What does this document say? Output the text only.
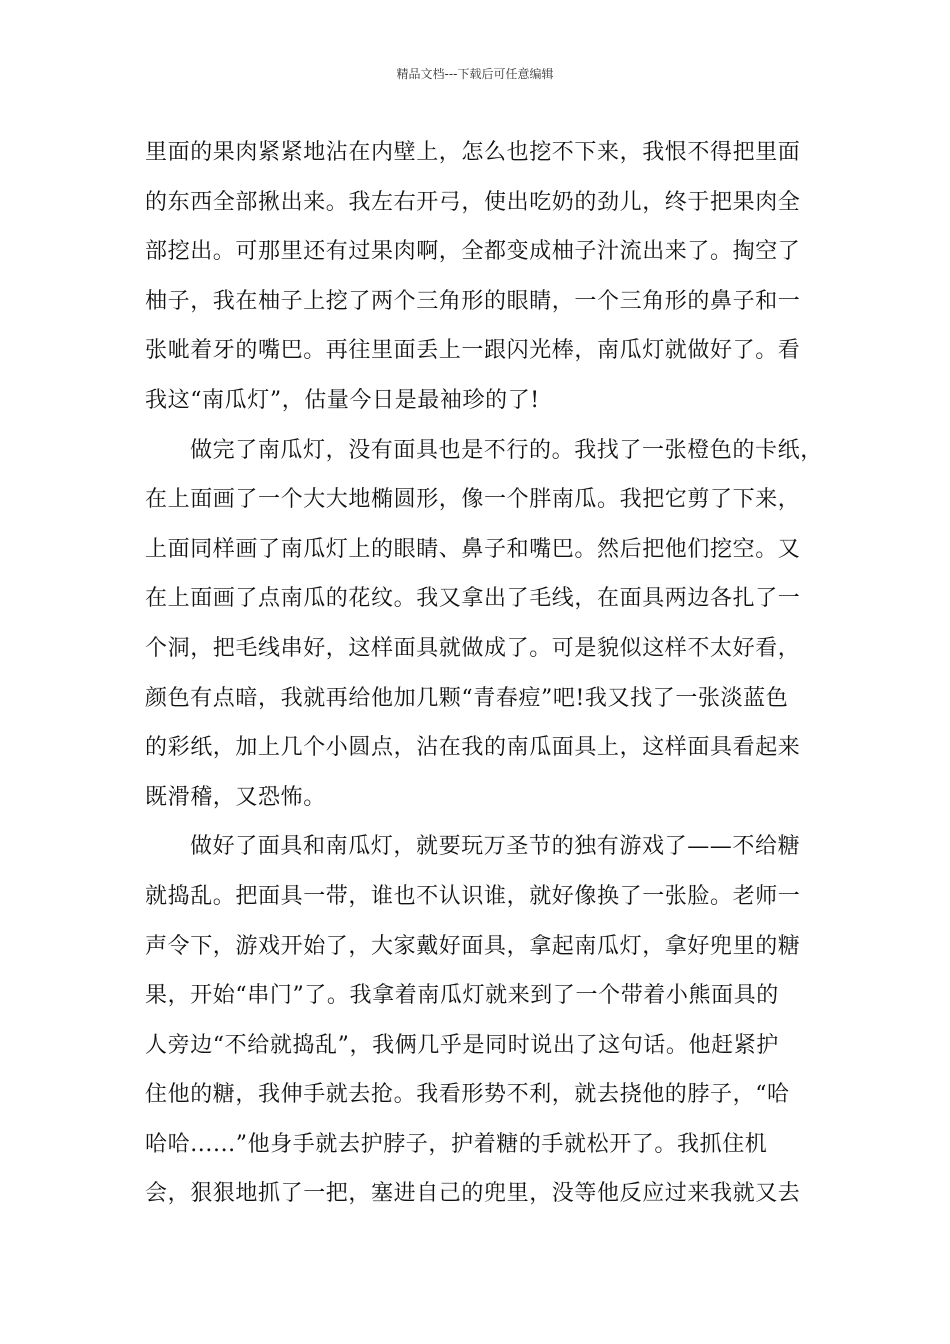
精品文档---下载后可任意编辑
里面的果肉紧紧地沾在内壁上，怎么也挖不下来，我恨不得把里面
的东西全部揪出来。我左右开弓，使出吃奶的劲儿，终于把果肉全
部挖出。可那里还有过果肉啊，全都变成柚子汁流出来了。掏空了
柚子，我在柚子上挖了两个三角形的眼睛，一个三角形的鼻子和一
张呲着牙的嘴巴。再往里面丢上一跟闪光棒，南瓜灯就做好了。看
我这“南瓜灯”，估量今日是最袖珍的了!
做完了南瓜灯，没有面具也是不行的。我找了一张橙色的卡纸，
在上面画了一个大大地椭圆形，像一个胖南瓜。我把它剪了下来，
上面同样画了南瓜灯上的眼睛、鼻子和嘴巴。然后把他们挖空。又
在上面画了点南瓜的花纹。我又拿出了毛线，在面具两边各扎了一
个洞，把毛线串好，这样面具就做成了。可是貌似这样不太好看，
颜色有点暗，我就再给他加几颗“青春痘”吧!我又找了一张淡蓝色
的彩纸，加上几个小圆点，沾在我的南瓜面具上，这样面具看起来
既滑稽，又恐怖。
做好了面具和南瓜灯，就要玩万圣节的独有游戏了——不给糖
就捣乱。把面具一带，谁也不认识谁，就好像换了一张脸。老师一
声令下，游戏开始了，大家戴好面具，拿起南瓜灯，拿好兜里的糖
果，开始“串门”了。我拿着南瓜灯就来到了一个带着小熊面具的
人旁边“不给就捣乱”，我俩几乎是同时说出了这句话。他赶紧护
住他的糖，我伸手就去抢。我看形势不利，就去挠他的脖子，“哈
哈哈......”他身手就去护脖子，护着糖的手就松开了。我抓住机
会，狠狠地抓了一把，塞进自己的兜里，没等他反应过来我就又去
